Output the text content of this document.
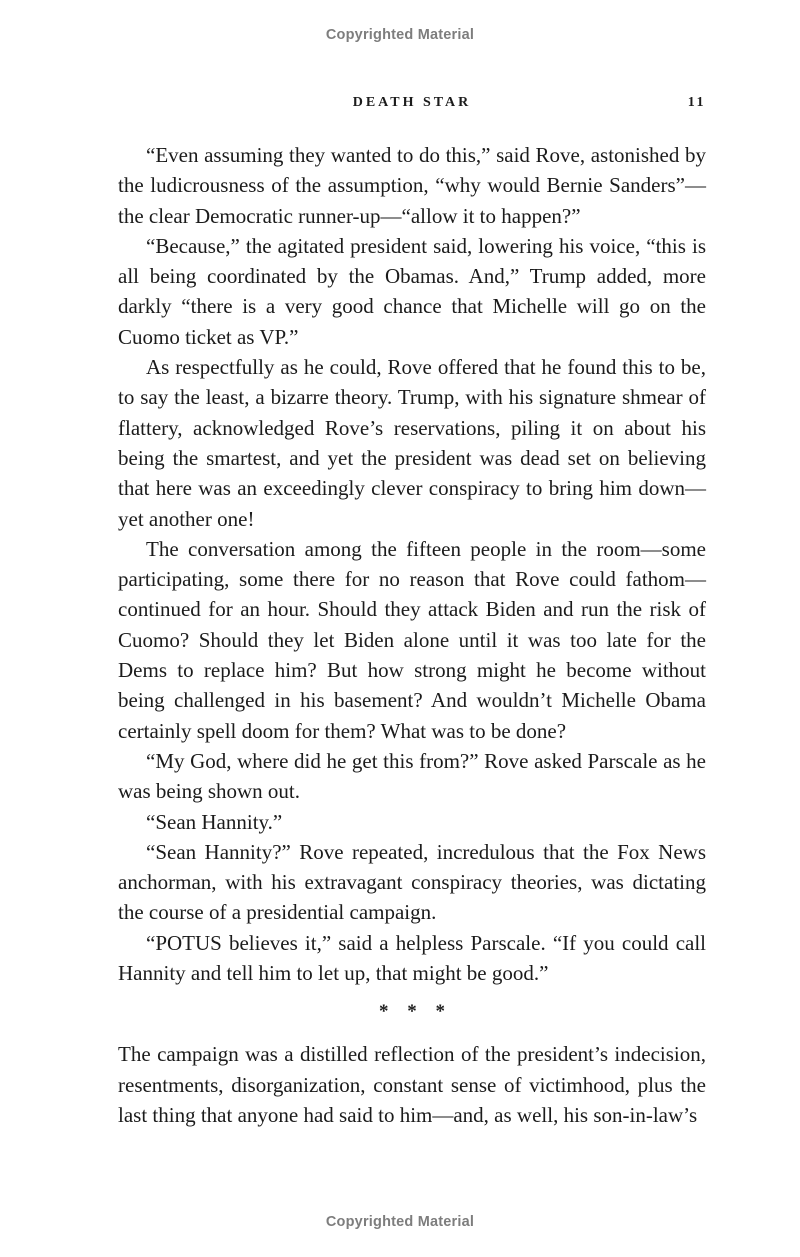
Copyrighted Material
DEATH STAR	11

“Even assuming they wanted to do this,” said Rove, astonished by the ludicrousness of the assumption, “why would Bernie Sanders”—the clear Democratic runner-up—“allow it to happen?”

“Because,” the agitated president said, lowering his voice, “this is all being coordinated by the Obamas. And,” Trump added, more darkly “there is a very good chance that Michelle will go on the Cuomo ticket as VP.”

As respectfully as he could, Rove offered that he found this to be, to say the least, a bizarre theory. Trump, with his signature shmear of flattery, acknowledged Rove’s reservations, piling it on about his being the smartest, and yet the president was dead set on believing that here was an exceedingly clever conspiracy to bring him down—yet another one!

The conversation among the fifteen people in the room—some participating, some there for no reason that Rove could fathom—continued for an hour. Should they attack Biden and run the risk of Cuomo? Should they let Biden alone until it was too late for the Dems to replace him? But how strong might he become without being challenged in his basement? And wouldn’t Michelle Obama certainly spell doom for them? What was to be done?

“My God, where did he get this from?” Rove asked Parscale as he was being shown out.

“Sean Hannity.”

“Sean Hannity?” Rove repeated, incredulous that the Fox News anchorman, with his extravagant conspiracy theories, was dictating the course of a presidential campaign.

“POTUS believes it,” said a helpless Parscale. “If you could call Hannity and tell him to let up, that might be good.”

* * *

The campaign was a distilled reflection of the president’s indecision, resentments, disorganization, constant sense of victimhood, plus the last thing that anyone had said to him—and, as well, his son-in-law’s

Copyrighted Material
